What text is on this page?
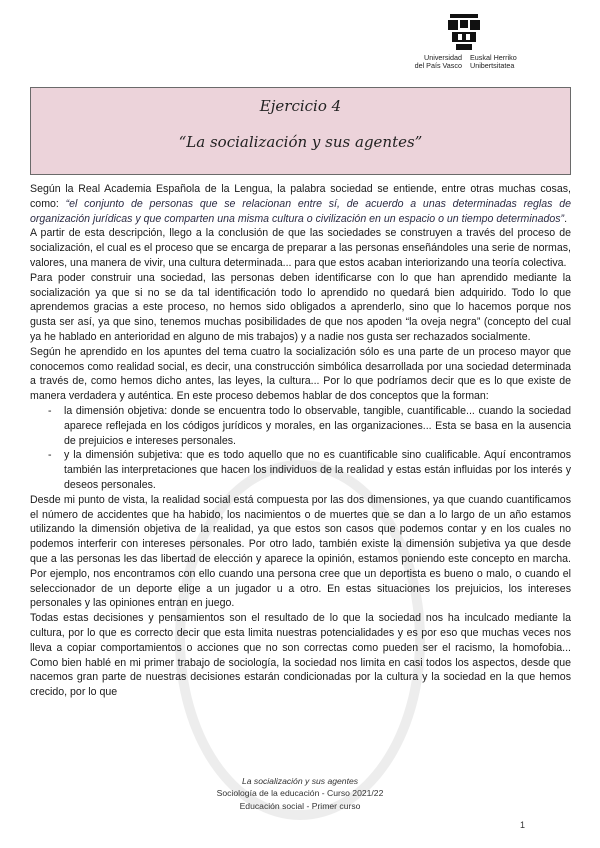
Universidad
del País Vasco
Euskal Herriko
Unibertsitatea
Ejercicio 4
“La socialización y sus agentes”

Según la Real Academia Española de la Lengua, la palabra sociedad se entiende, entre otras muchas cosas, como: “el conjunto de personas que se relacionan entre sí, de acuerdo a unas determinadas reglas de organización jurídicas y que comparten una misma cultura o civilización en un espacio o un tiempo determinados”.

A partir de esta descripción, llego a la conclusión de que las sociedades se construyen a través del proceso de socialización, el cual es el proceso que se encarga de preparar a las personas enseñándoles una serie de normas, valores, una manera de vivir, una cultura determinada... para que estos acaban interiorizando una teoría colectiva.

Para poder construir una sociedad, las personas deben identificarse con lo que han aprendido mediante la socialización ya que si no se da tal identificación todo lo aprendido no quedará bien adquirido. Todo lo que aprendemos gracias a este proceso, no hemos sido obligados a aprenderlo, sino que lo hacemos porque nos gusta ser así, ya que sino, tenemos muchas posibilidades de que nos apoden “la oveja negra” (concepto del cual ya he hablado en anterioridad en alguno de mis trabajos) y a nadie nos gusta ser rechazados socialmente.

Según he aprendido en los apuntes del tema cuatro la socialización sólo es una parte de un proceso mayor que conocemos como realidad social, es decir, una construcción simbólica desarrollada por una sociedad determinada a través de, como hemos dicho antes, las leyes, la cultura... Por lo que podríamos decir que es lo que existe de manera verdadera y auténtica. En este proceso debemos hablar de dos conceptos que la forman:

- la dimensión objetiva: donde se encuentra todo lo observable, tangible, cuantificable... cuando la sociedad aparece reflejada en los códigos jurídicos y morales, en las organizaciones... Esta se basa en la ausencia de prejuicios e intereses personales.
- y la dimensión subjetiva: que es todo aquello que no es cuantificable sino cualificable. Aquí encontramos también las interpretaciones que hacen los individuos de la realidad y estas están influidas por los interés y deseos personales.

Desde mi punto de vista, la realidad social está compuesta por las dos dimensiones, ya que cuando cuantificamos el número de accidentes que ha habido, los nacimientos o de muertes que se dan a lo largo de un año estamos utilizando la dimensión objetiva de la realidad, ya que estos son casos que podemos contar y en los cuales no podemos interferir con intereses personales. Por otro lado, también existe la dimensión subjetiva ya que desde que a las personas les das libertad de elección y aparece la opinión, estamos poniendo este concepto en marcha. Por ejemplo, nos encontramos con ello cuando una persona cree que un deportista es bueno o malo, o cuando el seleccionador de un deporte elige a un jugador u a otro. En estas situaciones los prejuicios, los intereses personales y las opiniones entran en juego.

Todas estas decisiones y pensamientos son el resultado de lo que la sociedad nos ha inculcado mediante la cultura, por lo que es correcto decir que esta limita nuestras potencialidades y es por eso que muchas veces nos lleva a copiar comportamientos o acciones que no son correctas como pueden ser el racismo, la homofobia... Como bien hablé en mi primer trabajo de sociología, la sociedad nos limita en casi todos los aspectos, desde que nacemos gran parte de nuestras decisiones estarán condicionadas por la cultura y la sociedad en la que hemos crecido, por lo que

La socialización y sus agentes
Sociología de la educación - Curso 2021/22
Educación social - Primer curso
1
